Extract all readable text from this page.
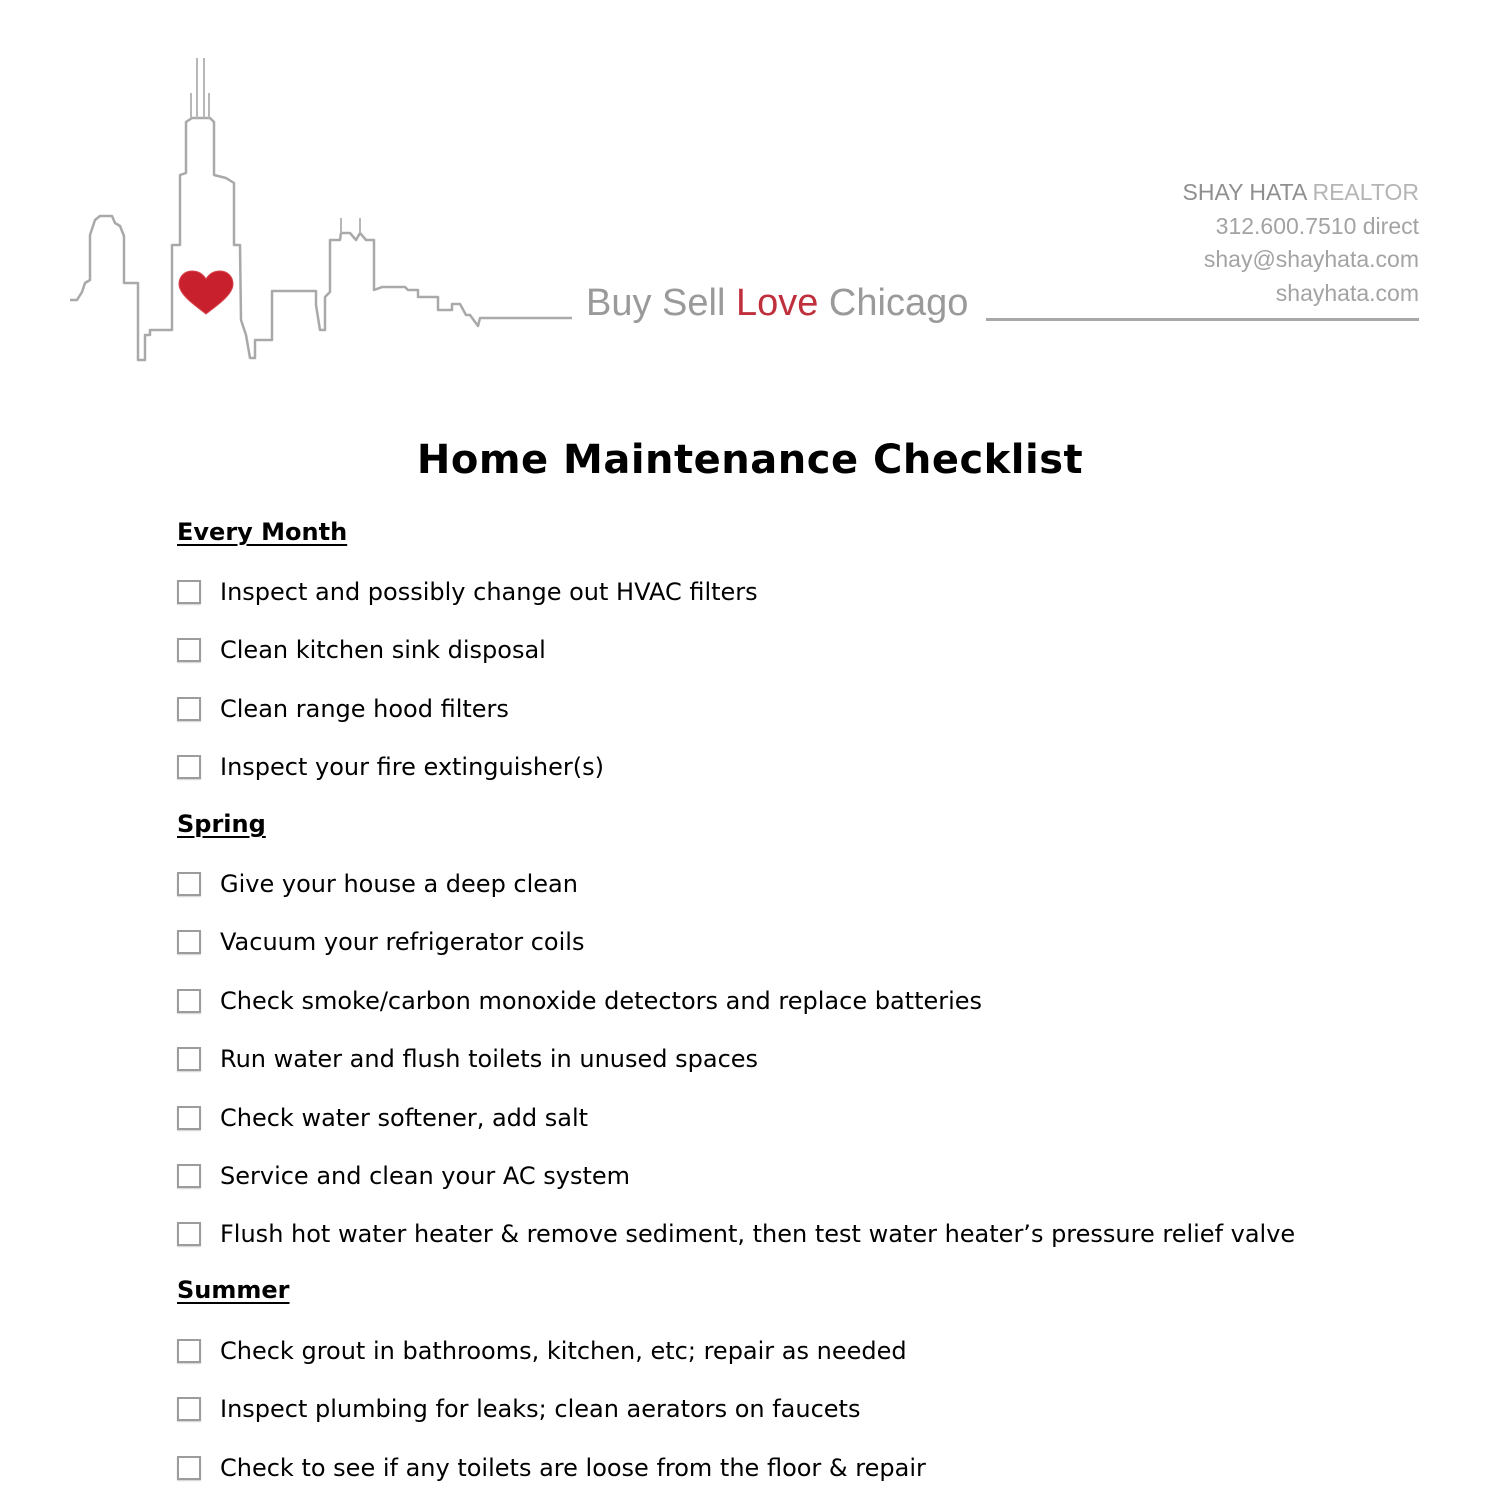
Buy Sell Love Chicago
SHAY HATA REALTOR
312.600.7510 direct
shay@shayhata.com
shayhata.com
Home Maintenance Checklist
Every Month
Inspect and possibly change out HVAC filters
Clean kitchen sink disposal
Clean range hood filters
Inspect your fire extinguisher(s)
Spring
Give your house a deep clean
Vacuum your refrigerator coils
Check smoke/carbon monoxide detectors and replace batteries
Run water and flush toilets in unused spaces
Check water softener, add salt
Service and clean your AC system
Flush hot water heater & remove sediment, then test water heater’s pressure relief valve
Summer
Check grout in bathrooms, kitchen, etc; repair as needed
Inspect plumbing for leaks; clean aerators on faucets
Check to see if any toilets are loose from the floor & repair
